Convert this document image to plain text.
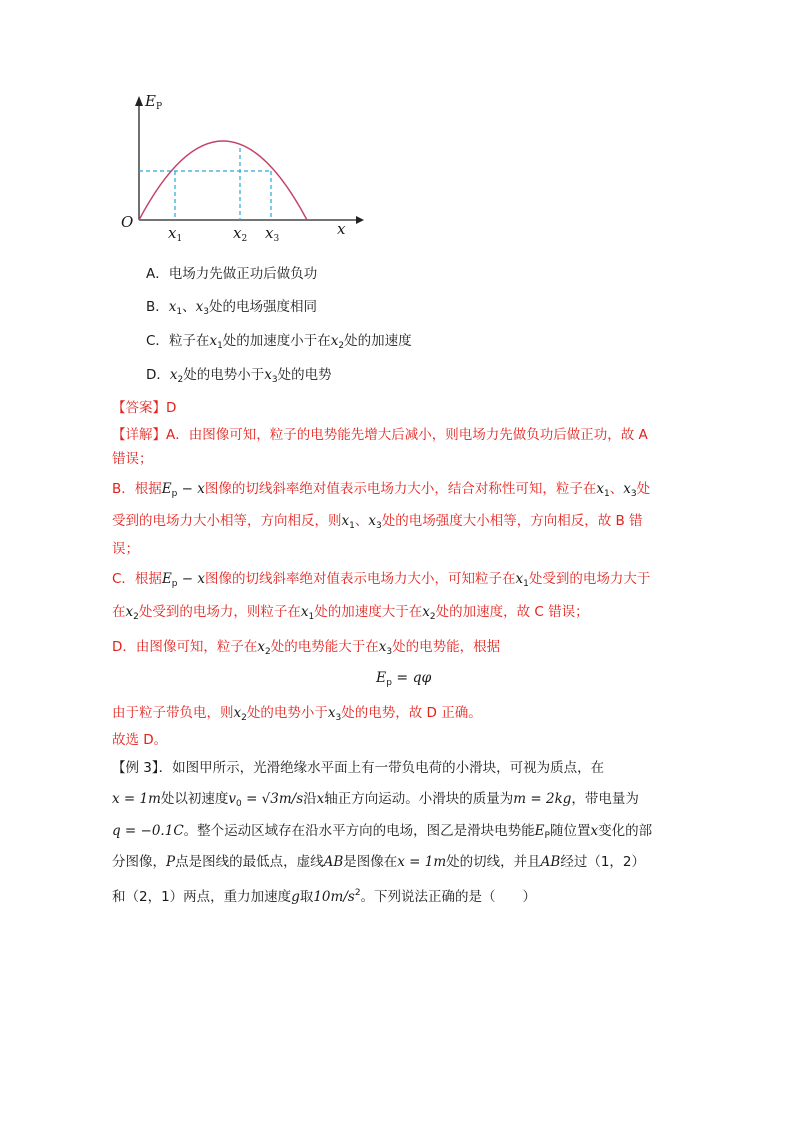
$E_P$
O	x
$x_1$	$x_2$ $x_3$
A．电场力先做正功后做负功
B．$x_1$、$x_3$处的电场强度相同
C．粒子在$x_1$处的加速度小于在$x_2$处的加速度
D．$x_2$处的电势小于$x_3$处的电势
【答案】D
【详解】A．由图像可知，粒子的电势能先增大后减小，则电场力先做负功后做正功，故 A
错误；
B．根据$E_p - x$图像的切线斜率绝对值表示电场力大小，结合对称性可知，粒子在$x_1$、$x_3$处
受到的电场力大小相等，方向相反，则$x_1$、$x_3$处的电场强度大小相等，方向相反，故 B 错
误；
C．根据$E_p - x$图像的切线斜率绝对值表示电场力大小，可知粒子在$x_1$处受到的电场力大于
在$x_2$处受到的电场力，则粒子在$x_1$处的加速度大于在$x_2$处的加速度，故 C 错误；
D．由图像可知，粒子在$x_2$处的电势能大于在$x_3$处的电势能，根据
$E_p = q\varphi$
由于粒子带负电，则$x_2$处的电势小于$x_3$处的电势，故 D 正确。
故选 D。
【例 3】．如图甲所示，光滑绝缘水平面上有一带负电荷的小滑块，可视为质点，在
x = 1m处以初速度$v_0 = √3m/s$沿x轴正方向运动。小滑块的质量为m = 2kg，带电量为
q = −0.1C。整个运动区域存在沿水平方向的电场，图乙是滑块电势能$E_P$随位置x变化的部
分图像，P点是图线的最低点，虚线AB是图像在x = 1m处的切线，并且AB经过（1，2）
和（2，1）两点，重力加速度g取$10m/s^2$。下列说法正确的是（　　）
